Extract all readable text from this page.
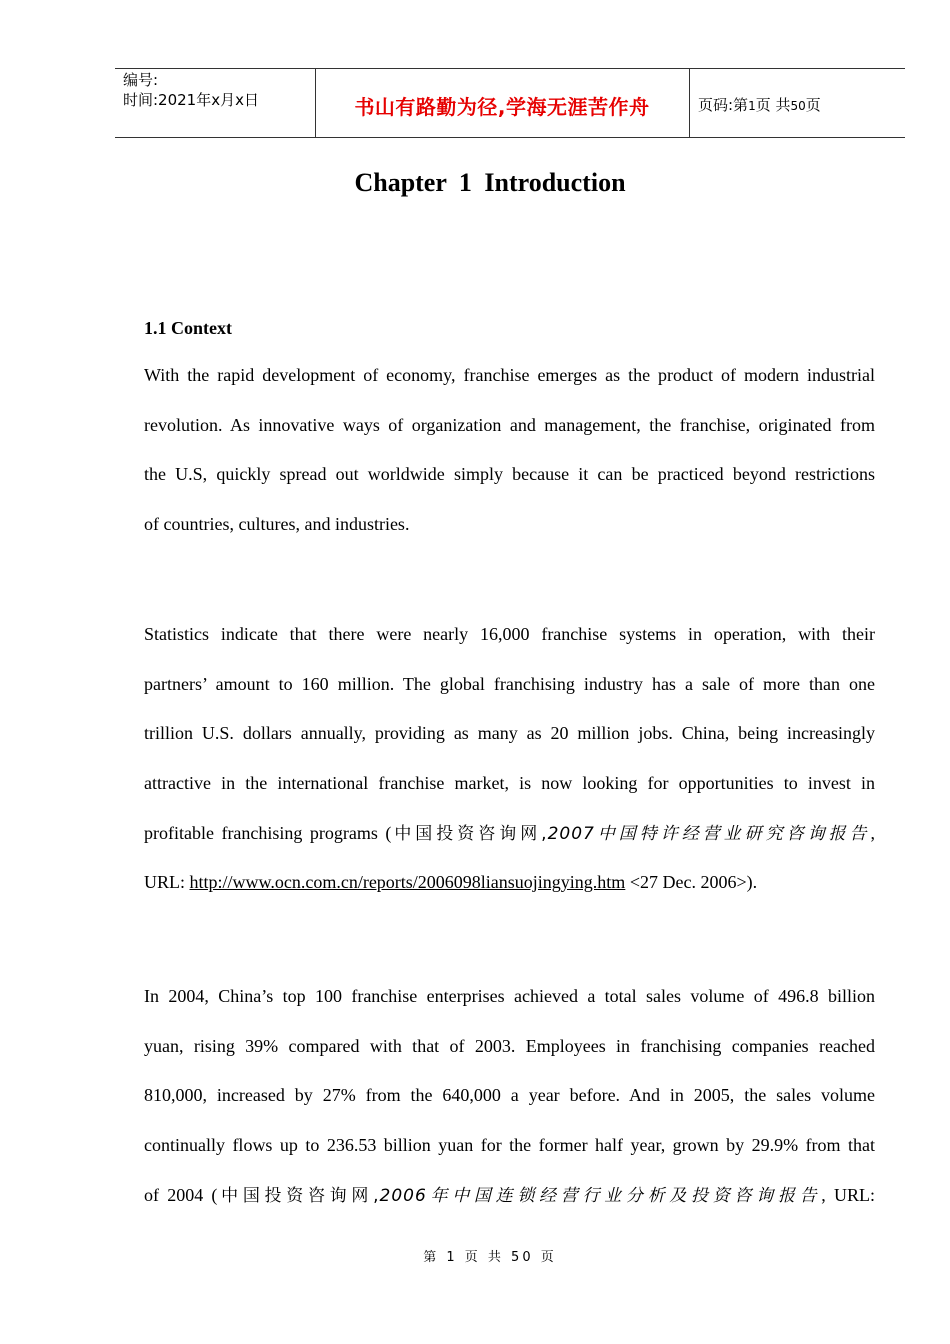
编号:
时间:2021年x月x日	书山有路勤为径,学海无涯苦作舟	页码:第1页 共50页
Chapter 1 Introduction
1.1 Context
With the rapid development of economy, franchise emerges as the product of modern industrial
revolution. As innovative ways of organization and management, the franchise, originated from
the U.S, quickly spread out worldwide simply because it can be practiced beyond restrictions
of countries, cultures, and industries.
Statistics indicate that there were nearly 16,000 franchise systems in operation, with their
partners’ amount to 160 million. The global franchising industry has a sale of more than one
trillion U.S. dollars annually, providing as many as 20 million jobs. China, being increasingly
attractive in the international franchise market, is now looking for opportunities to invest in
profitable franchising programs (中国投资咨询网,2007中国特许经营业研究咨询报告,
URL: http://www.ocn.com.cn/reports/2006098liansuojingying.htm <27 Dec. 2006>).
In 2004, China’s top 100 franchise enterprises achieved a total sales volume of 496.8 billion
yuan, rising 39% compared with that of 2003. Employees in franchising companies reached
810,000, increased by 27% from the 640,000 a year before. And in 2005, the sales volume
continually flows up to 236.53 billion yuan for the former half year, grown by 29.9% from that
of 2004 (中国投资咨询网,2006年中国连锁经营行业分析及投资咨询报告, URL:
第 1 页 共 50 页
